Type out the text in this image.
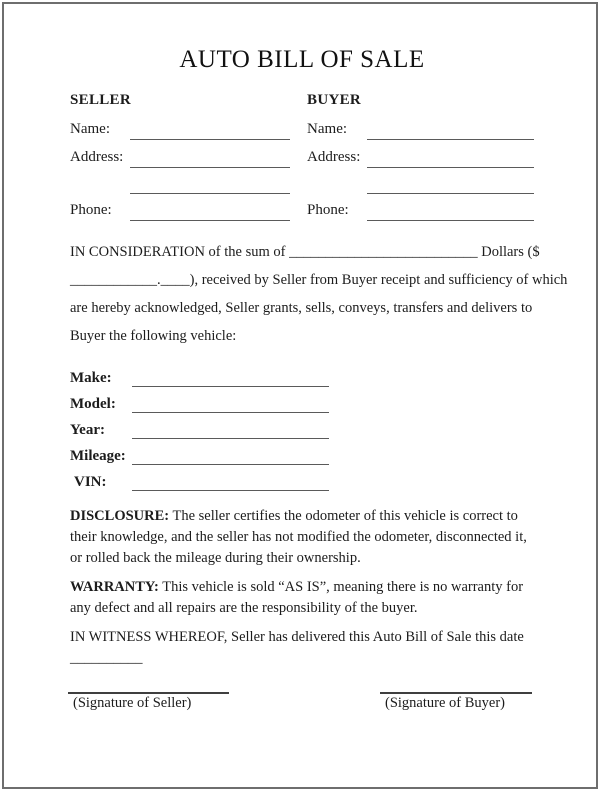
AUTO BILL OF SALE
SELLER	BUYER
Name:	Name:
Address:	Address:
Phone:	Phone:
IN CONSIDERATION of the sum of __________________________ Dollars ($
____________.____), received by Seller from Buyer receipt and sufficiency of which
are hereby acknowledged, Seller grants, sells, conveys, transfers and delivers to
Buyer the following vehicle:
Make:
Model:
Year:
Mileage:
VIN:
DISCLOSURE: The seller certifies the odometer of this vehicle is correct to their knowledge, and the seller has not modified the odometer, disconnected it, or rolled back the mileage during their ownership.
WARRANTY: This vehicle is sold “AS IS”, meaning there is no warranty for any defect and all repairs are the responsibility of the buyer.
IN WITNESS WHEREOF, Seller has delivered this Auto Bill of Sale this date
__________
(Signature of Seller)	(Signature of Buyer)
